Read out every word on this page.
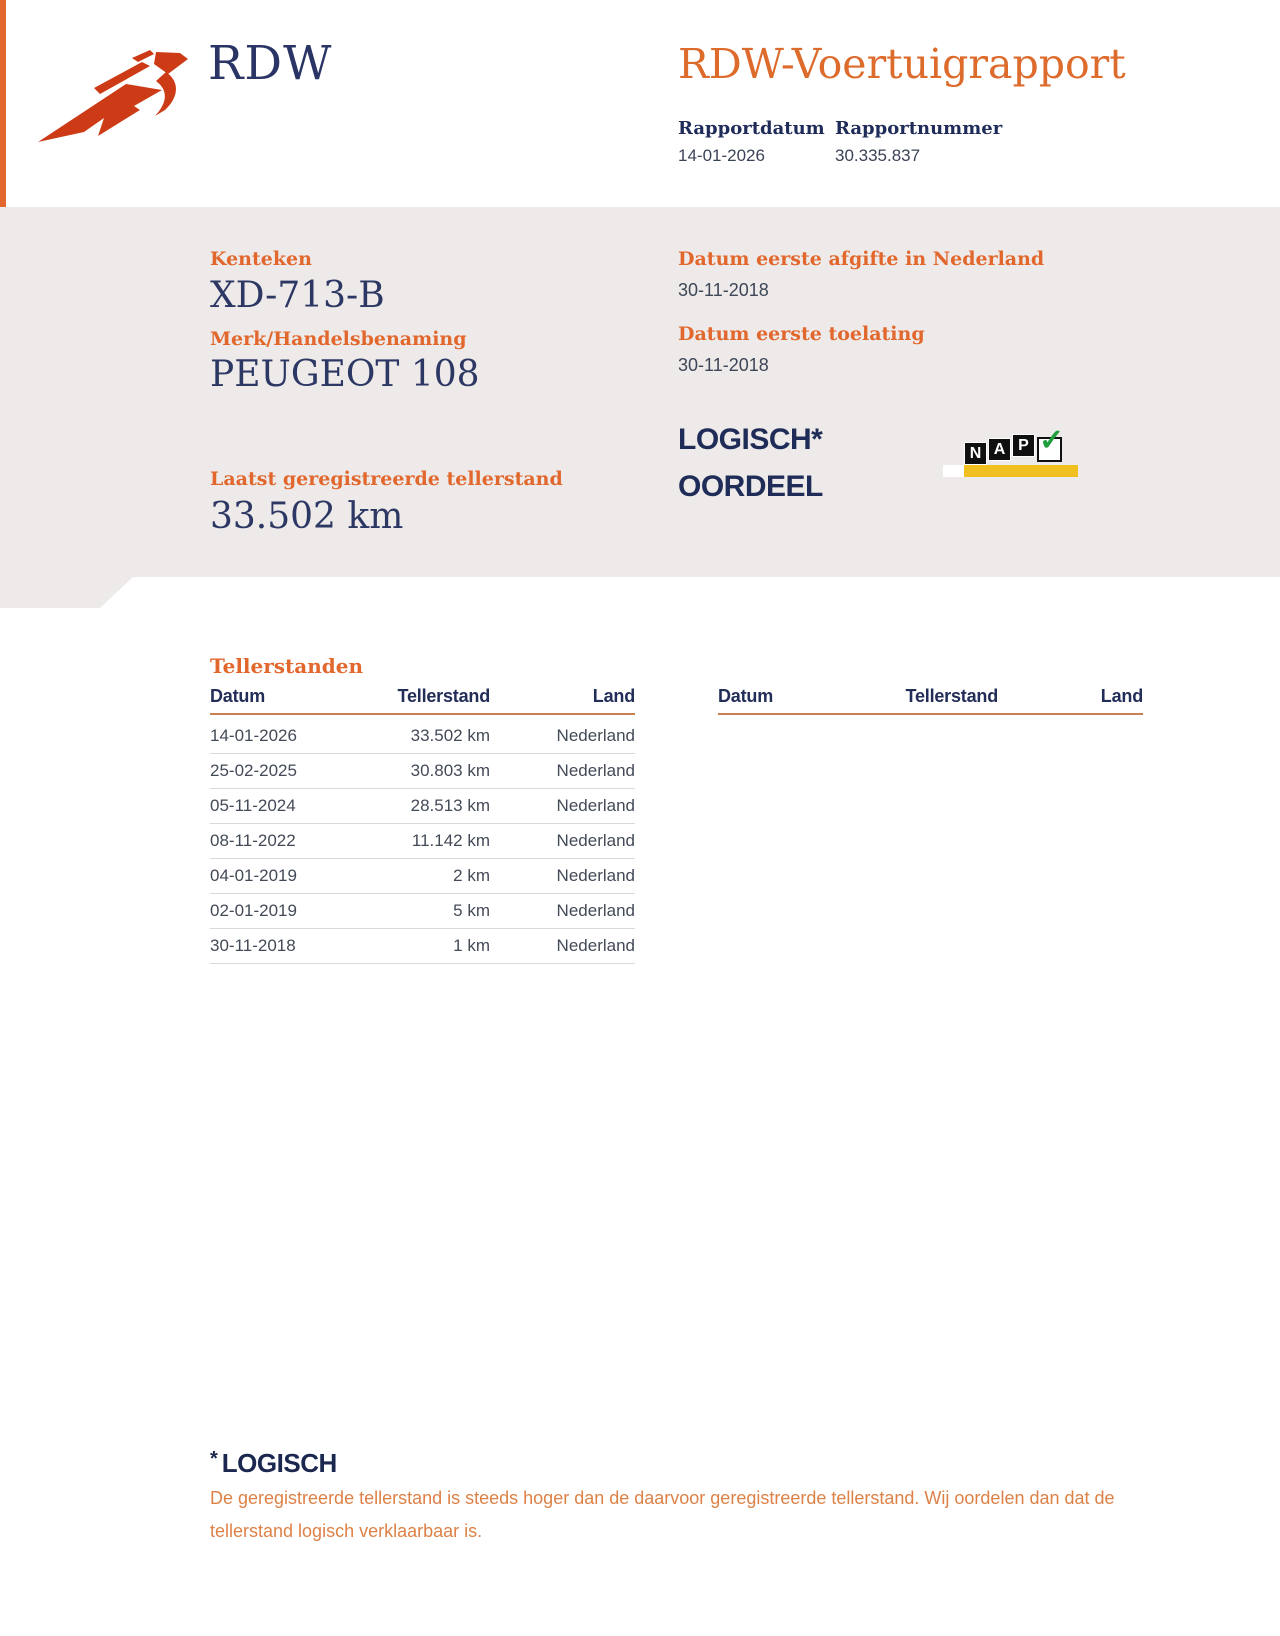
RDW	RDW-Voertuigrapport
Rapportdatum Rapportnummer
14-01-2026	30.335.837
Kenteken
XD-713-B
Merk/Handelsbenaming
PEUGEOT 108
Datum eerste afgifte in Nederland
30-11-2018
Datum eerste toelating
30-11-2018
LOGISCH*
OORDEEL
N A P ✓
Laatst geregistreerde tellerstand
33.502 km
Tellerstanden
Datum	Tellerstand	Land
14-01-2026	33.502 km	Nederland
25-02-2025	30.803 km	Nederland
05-11-2024	28.513 km	Nederland
08-11-2022	11.142 km	Nederland
04-01-2019	2 km	Nederland
02-01-2019	5 km	Nederland
30-11-2018	1 km	Nederland
Datum	Tellerstand	Land
* LOGISCH
De geregistreerde tellerstand is steeds hoger dan de daarvoor geregistreerde tellerstand. Wij oordelen dan dat de tellerstand logisch verklaarbaar is.
